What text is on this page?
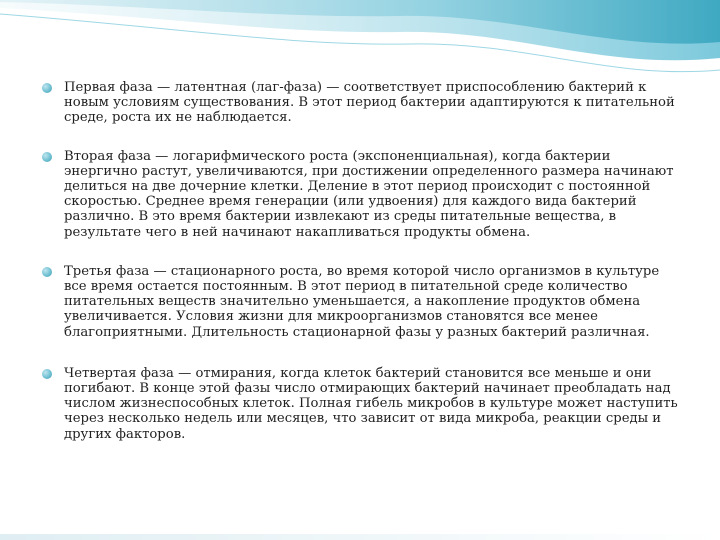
Первая фаза — латентная (лаг-фаза) — соответствует приспособлению бактерий к новым условиям существования. В этот период бактерии адаптируются к питательной среде, роста их не наблюдается.
Вторая фаза — логарифмического роста (экспоненциальная), когда бактерии энергично растут, увеличиваются, при достижении определенного размера начинают делиться на две дочерние клетки. Деление в этот период происходит с постоянной скоростью. Среднее время генерации (или удвоения) для каждого вида бактерий различно. В это время бактерии извлекают из среды питательные вещества, в результате чего в ней начинают накапливаться продукты обмена.
Третья фаза — стационарного роста, во время которой число организмов в культуре все время остается постоянным. В этот период в питательной среде количество питательных веществ значительно уменьшается, а накопление продуктов обмена увеличивается. Условия жизни для микроорганизмов становятся все менее благоприятными. Длительность стационарной фазы у разных бактерий различная.
Четвертая фаза — отмирания, когда клеток бактерий становится все меньше и они погибают. В конце этой фазы число отмирающих бактерий начинает преобладать над числом жизнеспособных клеток. Полная гибель микробов в культуре может наступить через несколько недель или месяцев, что зависит от вида микроба, реакции среды и других факторов.
